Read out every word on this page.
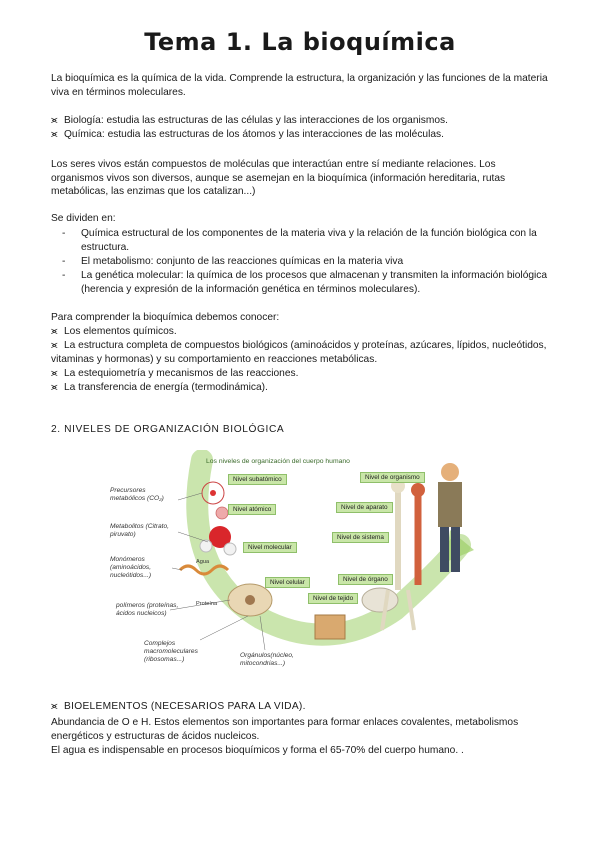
Tema 1. La bioquímica
La bioquímica es la química de la vida. Comprende la estructura, la organización y las funciones de la materia viva en términos moleculares.
⪤ Biología: estudia las estructuras de las células y las interacciones de los organismos.
⪤ Química: estudia las estructuras de los átomos y las interacciones de las moléculas.
Los seres vivos están compuestos de moléculas que interactúan entre sí mediante relaciones. Los organismos vivos son diversos, aunque se asemejan en la bioquímica (información hereditaria, rutas metabólicas, las enzimas que los catalizan...)
Se dividen en:
-	Química estructural de los componentes de la materia viva y la relación de la función biológica con la estructura.
-	El metabolismo: conjunto de las reacciones químicas en la materia viva
-	La genética molecular: la química de los procesos que almacenan y transmiten la información biológica (herencia y expresión de la información genética en términos moleculares).
Para comprender la bioquímica debemos conocer:
⪤ Los elementos químicos.
⪤ La estructura completa de compuestos biológicos (aminoácidos y proteínas, azúcares, lípidos, nucleótidos, vitaminas y hormonas) y su comportamiento en reacciones metabólicas.
⪤ La estequiometría y mecanismos de las reacciones.
⪤ La transferencia de energía (termodinámica).
2. NIVELES DE ORGANIZACIÓN BIOLÓGICA
Los niveles de organización del cuerpo humano
Nivel subatómico
Nivel atómico
Nivel molecular
Nivel celular
Nivel de tejido
Nivel de órgano
Nivel de sistema
Nivel de aparato
Nivel de organismo
Precursores metabólicos (CO₂)
Metabolitos (Citrato, piruvato)
Monómeros (aminoácidos, nucleótidos...)
polímeros (proteínas, ácidos nucleicos)
Complejos macromoleculares (ribosomas...)
Orgánulos(núcleo, mitocondrias...)
Agua
Proteína
⪤ BIOELEMENTOS (NECESARIOS PARA LA VIDA).
Abundancia de O e H. Estos elementos son importantes para formar enlaces covalentes, metabolismos energéticos y estructuras de ácidos nucleicos.
El agua es indispensable en procesos bioquímicos y forma el 65-70% del cuerpo humano. .
